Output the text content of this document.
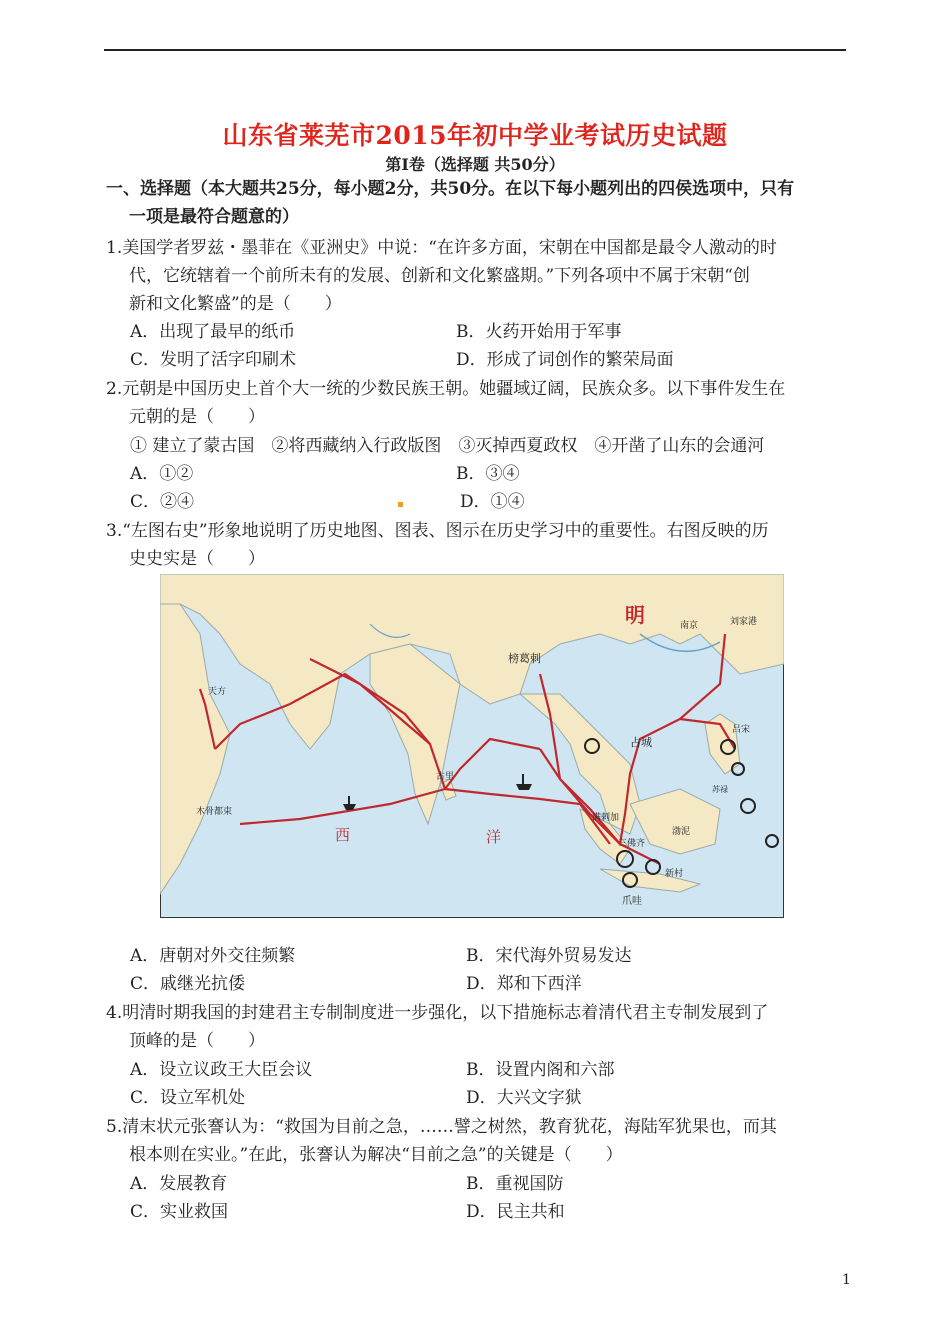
山东省莱芜市2015年初中学业考试历史试题
第Ⅰ卷（选择题 共50分）
一、选择题（本大题共25分，每小题2分，共50分。在以下每小题列出的四侯选项中，只有
一项是最符合题意的）
1.美国学者罗兹・墨菲在《亚洲史》中说：“在许多方面，宋朝在中国都是最令人激动的时
代，它统辖着一个前所未有的发展、创新和文化繁盛期。”下列各项中不属于宋朝“创
新和文化繁盛”的是（　　）
A．出现了最早的纸币	B．火药开始用于军事
C．发明了活字印刷术	D．形成了词创作的繁荣局面
2.元朝是中国历史上首个大一统的少数民族王朝。她疆域辽阔，民族众多。以下事件发生在
元朝的是（　　）
① 建立了蒙古国　②将西藏纳入行政版图　③灭掉西夏政权　④开凿了山东的会通河
A．①②	B．③④
C．②④	D．①④
3.“左图右史”形象地说明了历史地图、图表、图示在历史学习中的重要性。右图反映的历
史史实是（　　）
明	南京	刘家港
天方
木骨都束
古里
榜葛剌
占城
满剌加
三佛齐
新村
爪哇
吕宋
苏禄
渤泥
西	洋
A．唐朝对外交往频繁	B．宋代海外贸易发达
C．戚继光抗倭	D．郑和下西洋
4.明清时期我国的封建君主专制制度进一步强化，以下措施标志着清代君主专制发展到了
顶峰的是（　　）
A．设立议政王大臣会议	B．设置内阁和六部
C．设立军机处	D．大兴文字狱
5.清末状元张謇认为：“救国为目前之急，……譬之树然，教育犹花，海陆军犹果也，而其
根本则在实业。”在此，张謇认为解决“目前之急”的关键是（　　）
A．发展教育	B．重视国防
C．实业救国	D．民主共和
1
